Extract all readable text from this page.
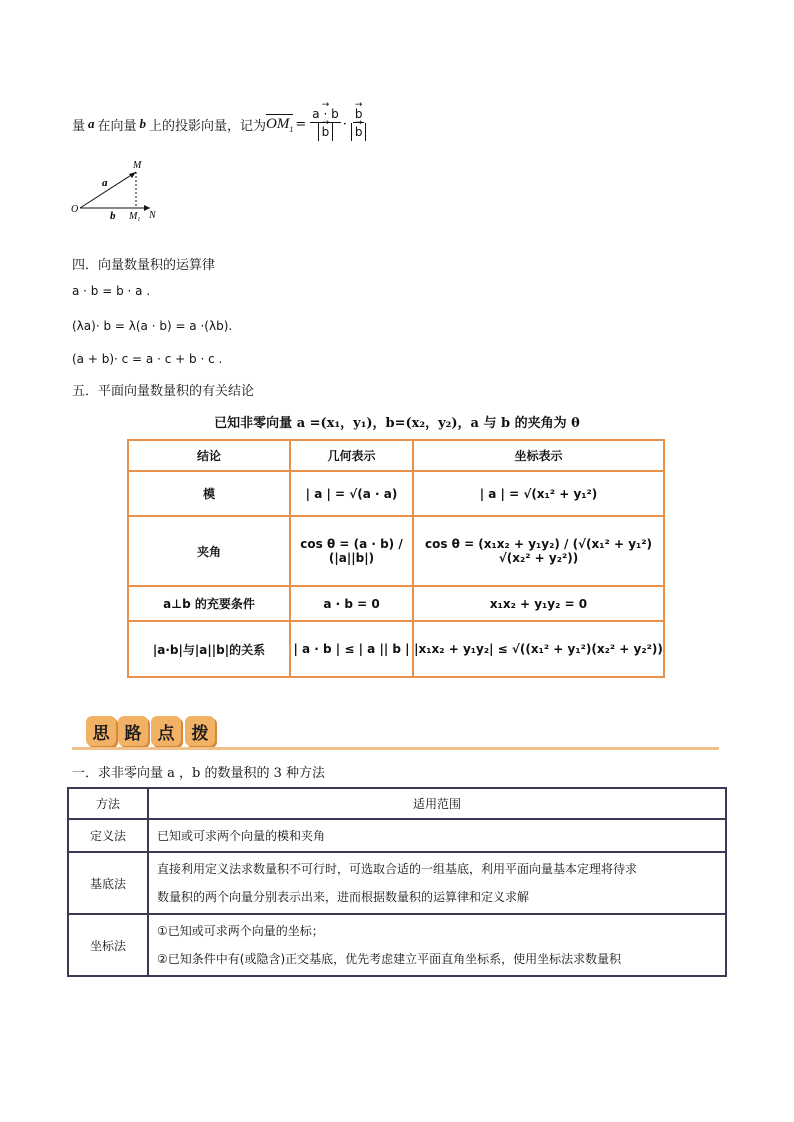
量 a 在向量 b 上的投影向量，记为 $OM_1$ = → a · b
→ b · → b
→ b
M
a
O
b $M_1$ N
四．向量数量积的运算律
a · b = b · a .
(λa)· b = λ(a · b) = a ·(λb).
(a + b)· c = a · c + b · c .
五．平面向量数量积的有关结论
已知非零向量 a =(x₁，y₁)，b=(x₂，y₂)，a 与 b 的夹角为 θ
结论	几何表示	坐标表示
模	| a | = √(a · a)	| a | = √(x₁² + y₁²)
夹角	cos θ = (a · b) / (|a||b|)	cos θ = (x₁x₂ + y₁y₂) / (√(x₁² + y₁²) √(x₂² + y₂²))
a⊥b 的充要条件	a · b = 0	x₁x₂ + y₁y₂ = 0
|a·b|与|a||b|的关系	| a · b | ≤ | a || b |	|x₁x₂ + y₁y₂| ≤ √((x₁² + y₁²)(x₂² + y₂²))
思 路 点	拨
一．求非零向量 a ，b 的数量积的 3 种方法
方法	适用范围
定义法	已知或可求两个向量的模和夹角
基底法	直接利用定义法求数量积不可行时，可选取合适的一组基底，利用平面向量基本定理将待求
数量积的两个向量分别表示出来，进而根据数量积的运算律和定义求解

坐标法	①已知或可求两个向量的坐标；
②已知条件中有(或隐含)正交基底，优先考虑建立平面直角坐标系，使用坐标法求数量积
